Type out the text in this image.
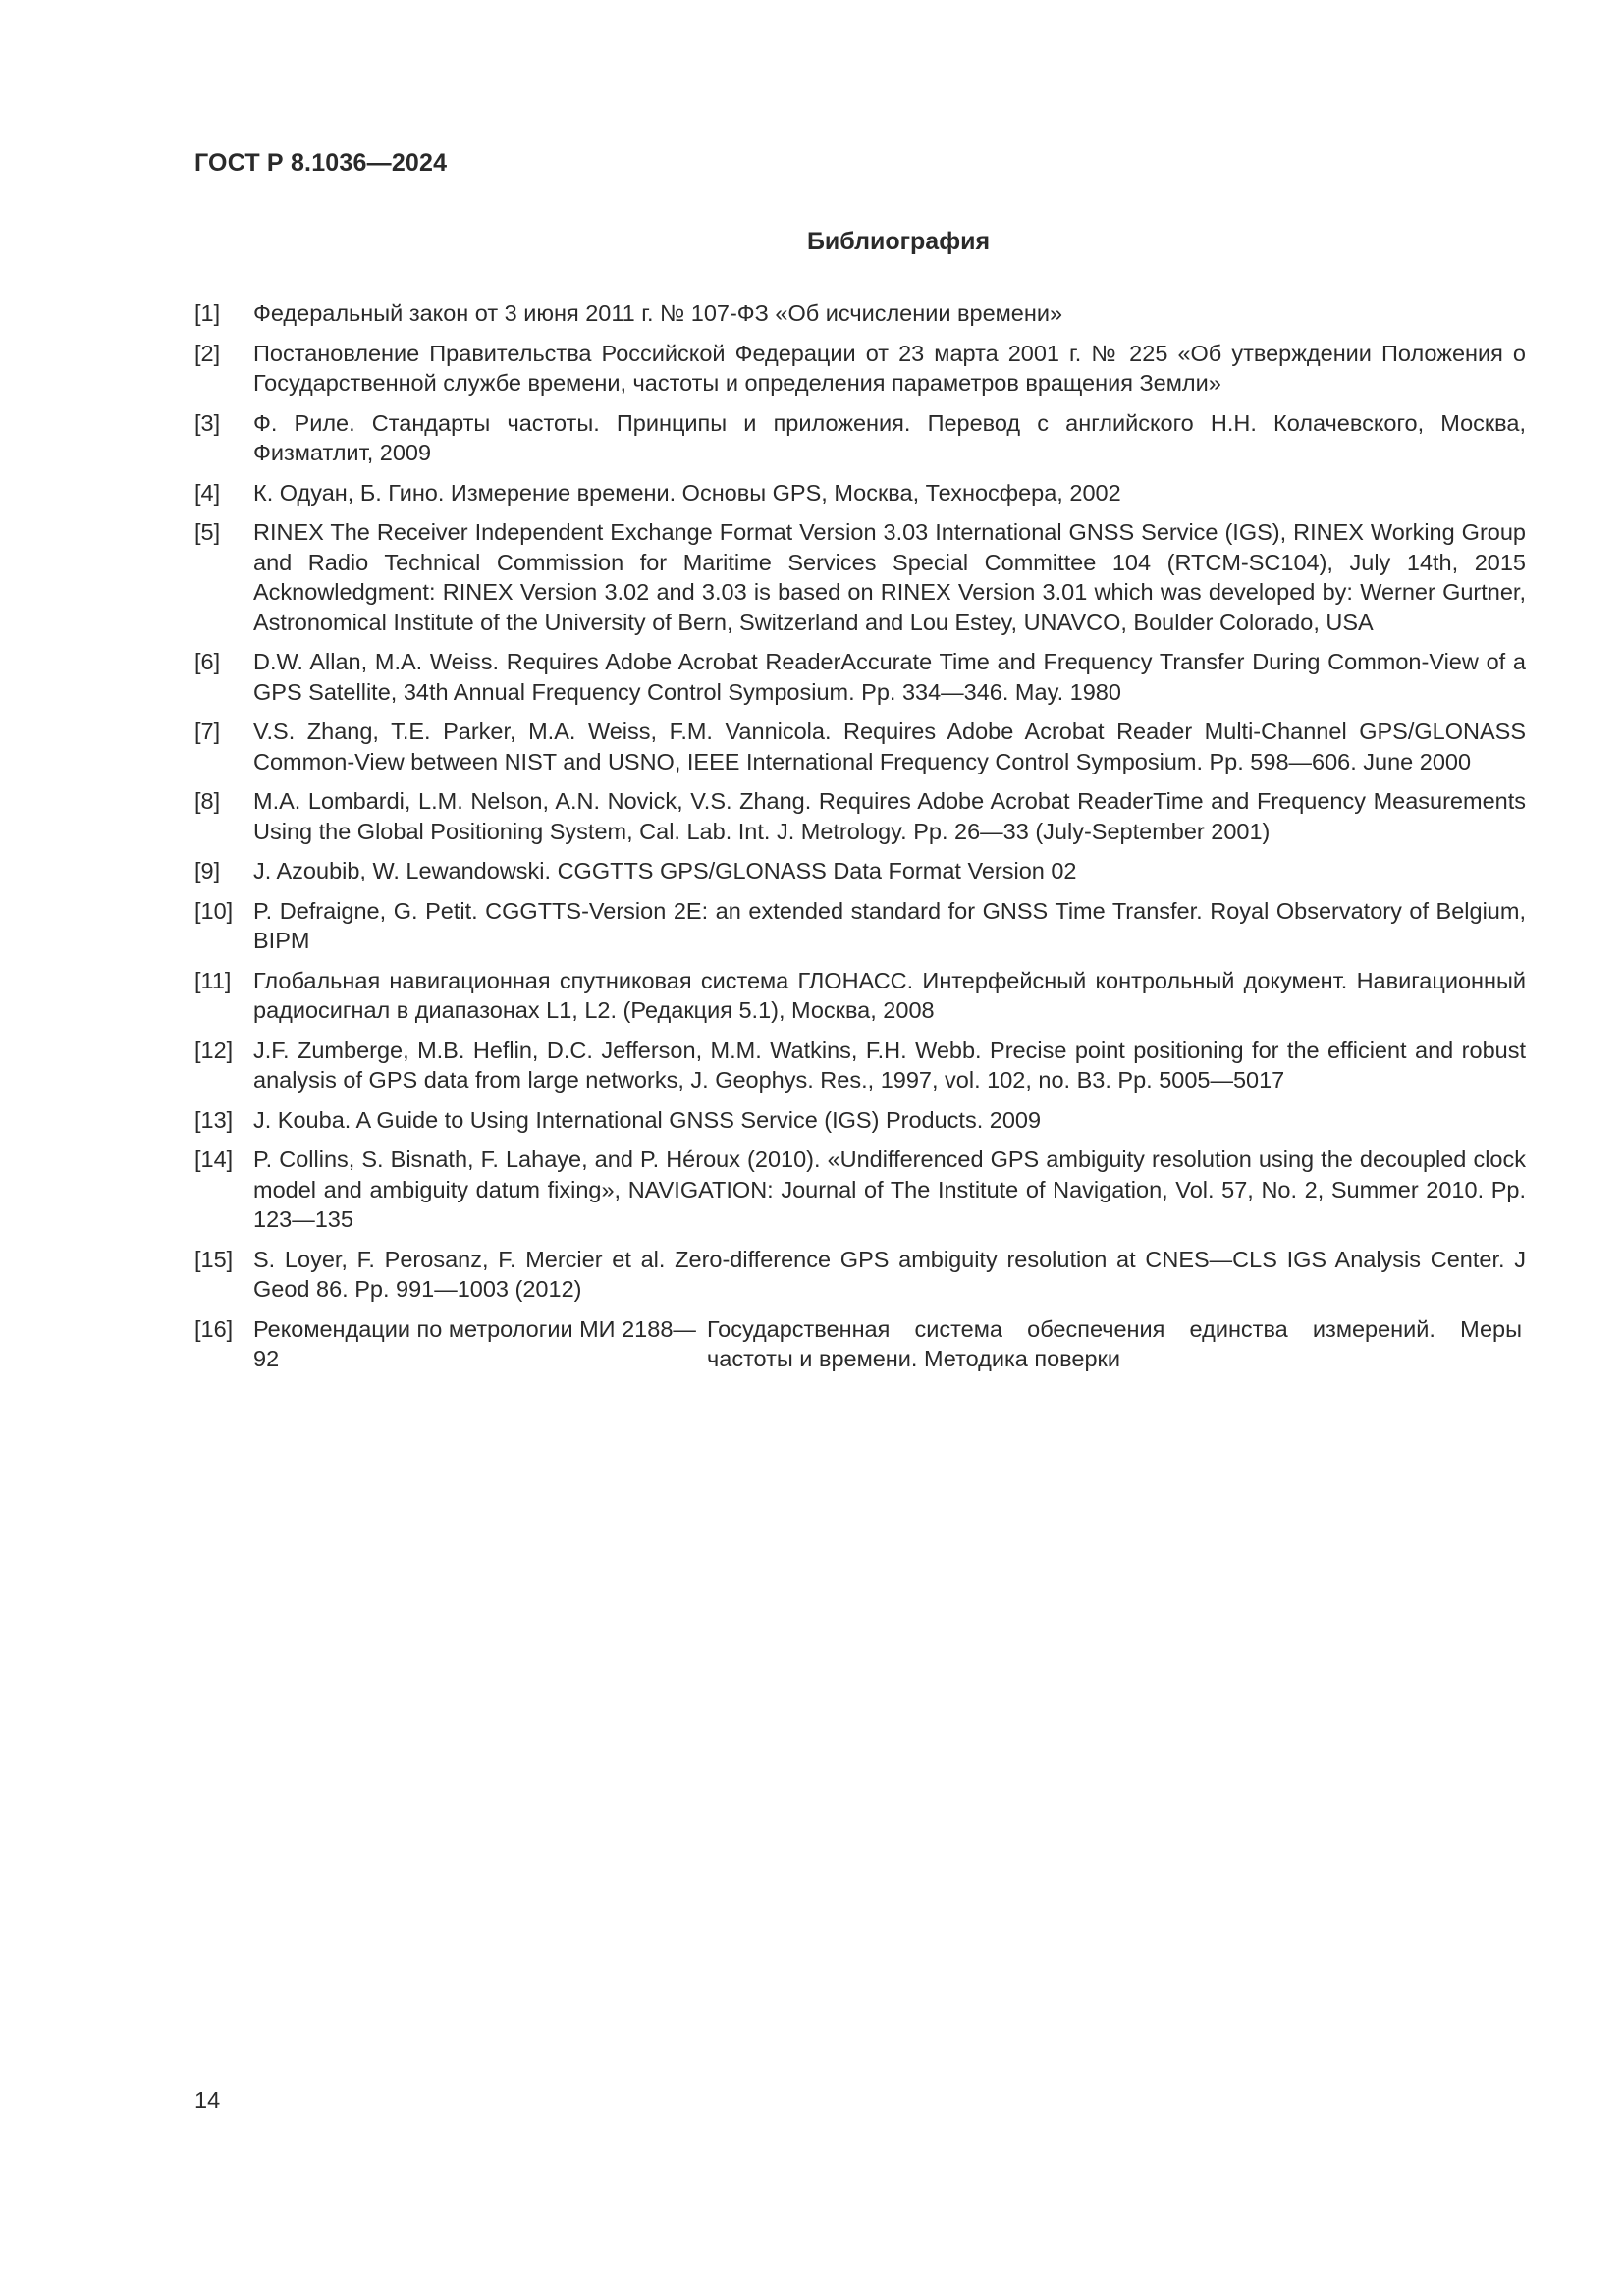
ГОСТ Р 8.1036—2024
Библиография
[1] Федеральный закон от 3 июня 2011 г. № 107-ФЗ «Об исчислении времени»
[2] Постановление Правительства Российской Федерации от 23 марта 2001 г. № 225 «Об утверждении Положения о Государственной службе времени, частоты и определения параметров вращения Земли»
[3] Ф. Риле. Стандарты частоты. Принципы и приложения. Перевод с английского Н.Н. Колачевского, Москва, Физматлит, 2009
[4] К. Одуан, Б. Гино. Измерение времени. Основы GPS, Москва, Техносфера, 2002
[5] RINEX The Receiver Independent Exchange Format Version 3.03 International GNSS Service (IGS), RINEX Working Group and Radio Technical Commission for Maritime Services Special Committee 104 (RTCM-SC104), July 14th, 2015 Acknowledgment: RINEX Version 3.02 and 3.03 is based on RINEX Version 3.01 which was developed by: Werner Gurtner, Astronomical Institute of the University of Bern, Switzerland and Lou Estey, UNAVCO, Boulder Colorado, USA
[6] D.W. Allan, M.A. Weiss. Requires Adobe Acrobat ReaderAccurate Time and Frequency Transfer During Common-View of a GPS Satellite, 34th Annual Frequency Control Symposium. Pp. 334—346. May. 1980
[7] V.S. Zhang, T.E. Parker, M.A. Weiss, F.M. Vannicola. Requires Adobe Acrobat Reader Multi-Channel GPS/GLONASS Common-View between NIST and USNO, IEEE International Frequency Control Symposium. Pp. 598—606. June 2000
[8] M.A. Lombardi, L.M. Nelson, A.N. Novick, V.S. Zhang. Requires Adobe Acrobat ReaderTime and Frequency Measurements Using the Global Positioning System, Cal. Lab. Int. J. Metrology. Pp. 26—33 (July-September 2001)
[9] J. Azoubib, W. Lewandowski. CGGTTS GPS/GLONASS Data Format Version 02
[10] P. Defraigne, G. Petit. CGGTTS-Version 2E: an extended standard for GNSS Time Transfer. Royal Observatory of Belgium, BIPM
[11] Глобальная навигационная спутниковая система ГЛОНАСС. Интерфейсный контрольный документ. Навигационный радиосигнал в диапазонах L1, L2. (Редакция 5.1), Москва, 2008
[12] J.F. Zumberge, M.B. Heflin, D.C. Jefferson, M.M. Watkins, F.H. Webb. Precise point positioning for the efficient and robust analysis of GPS data from large networks, J. Geophys. Res., 1997, vol. 102, no. B3. Pp. 5005—5017
[13] J. Kouba. A Guide to Using International GNSS Service (IGS) Products. 2009
[14] P. Collins, S. Bisnath, F. Lahaye, and P. Héroux (2010). «Undifferenced GPS ambiguity resolution using the decoupled clock model and ambiguity datum fixing», NAVIGATION: Journal of The Institute of Navigation, Vol. 57, No. 2, Summer 2010. Pp. 123—135
[15] S. Loyer, F. Perosanz, F. Mercier et al. Zero-difference GPS ambiguity resolution at CNES—CLS IGS Analysis Center. J Geod 86. Pp. 991—1003 (2012)
[16] Рекомендации по метрологии МИ 2188—92Государственная система обеспечения единства измерений. Меры частоты и времени. Методика поверки
14
